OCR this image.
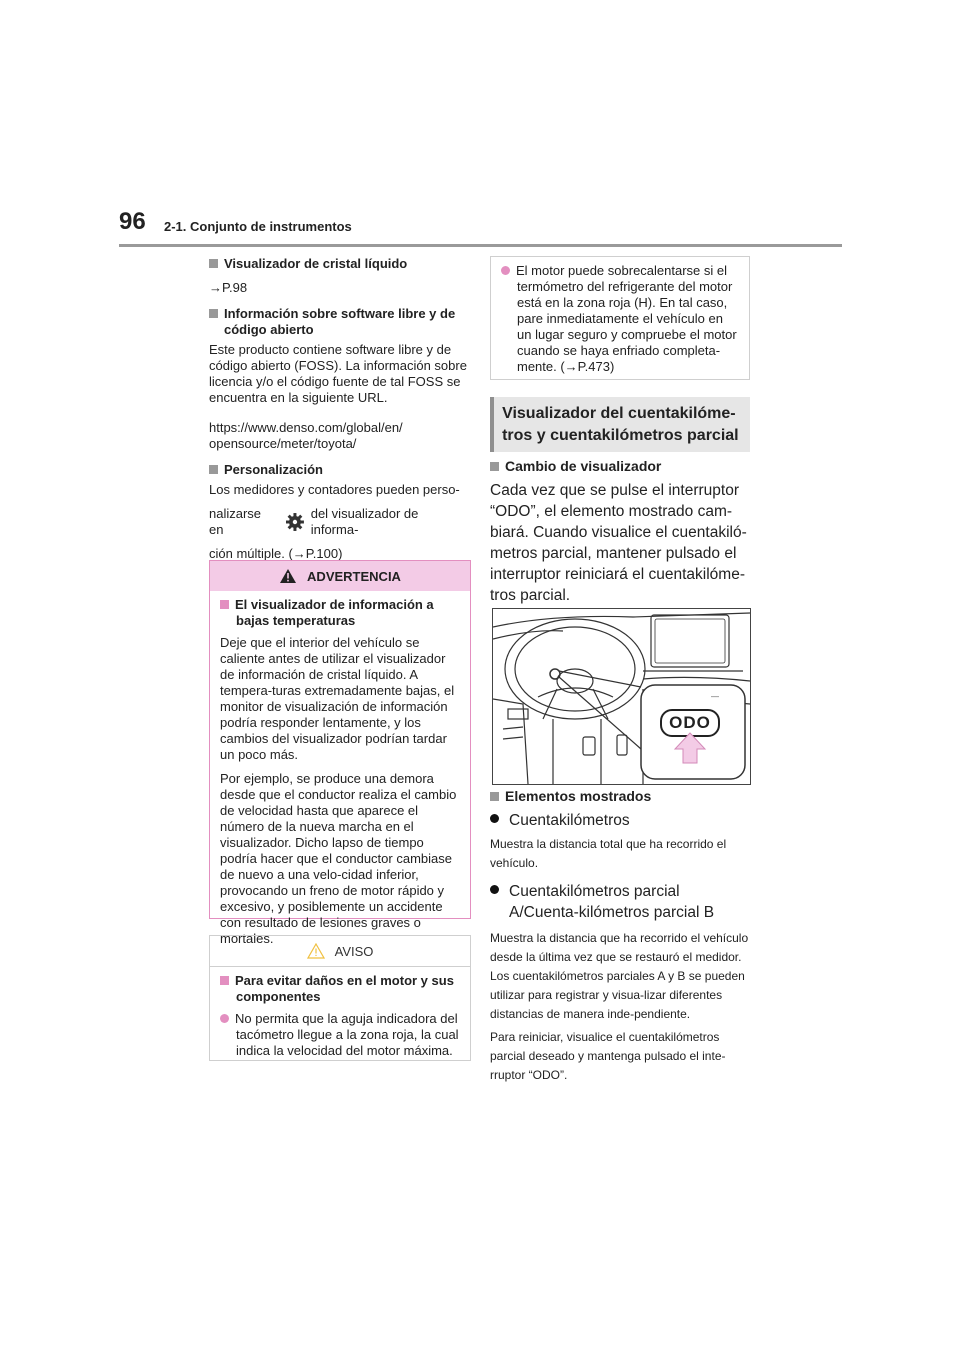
96 2-1. Conjunto de instrumentos

Visualizador de cristal líquido

→P.98

Información sobre software libre y de código abierto

Este producto contiene software libre y de código abierto (FOSS). La información sobre licencia y/o el código fuente de tal FOSS se encuentra en la siguiente URL.

https://www.denso.com/global/en/opensource/meter/toyota/

Personalización

Los medidores y contadores pueden perso-

nalizarse en
del visualizador de informa-

ción múltiple. (→P.100)

ADVERTENCIA

El visualizador de información a bajas temperaturas

Deje que el interior del vehículo se caliente antes de utilizar el visualizador de información de cristal líquido. A tempera-turas extremadamente bajas, el monitor de visualización de información podría responder lentamente, y los cambios del visualizador podrían tardar un poco más.

Por ejemplo, se produce una demora desde que el conductor realiza el cambio de velocidad hasta que aparece el número de la nueva marcha en el visualizador. Dicho lapso de tiempo podría hacer que el conductor cambiase de nuevo a una velo-cidad inferior, provocando un freno de motor rápido y excesivo, y posiblemente un accidente con resultado de lesiones graves o mortales.

AVISO

Para evitar daños en el motor y sus componentes

No permita que la aguja indicadora del tacómetro llegue a la zona roja, la cual indica la velocidad del motor máxima.

El motor puede sobrecalentarse si el termómetro del refrigerante del motor está en la zona roja (H). En tal caso, pare inmediatamente el vehículo en un lugar seguro y compruebe el motor cuando se haya enfriado completa-mente. (→P.473)

Visualizador del cuentakilóme-tros y cuentakilómetros parcial

Cambio de visualizador

Cada vez que se pulse el interruptor “ODO”, el elemento mostrado cam-biará. Cuando visualice el cuentakiló-metros parcial, mantener pulsado el interruptor reiniciará el cuentakilóme-tros parcial.

—
ODO

Elementos mostrados

Cuentakilómetros

Muestra la distancia total que ha recorrido el vehículo.

Cuentakilómetros parcial A/Cuenta-kilómetros parcial B

Muestra la distancia que ha recorrido el vehículo desde la última vez que se restauró el medidor. Los cuentakilómetros parciales A y B se pueden utilizar para registrar y visua-lizar diferentes distancias de manera inde-pendiente.

Para reiniciar, visualice el cuentakilómetros parcial deseado y mantenga pulsado el inte-rruptor “ODO”.
